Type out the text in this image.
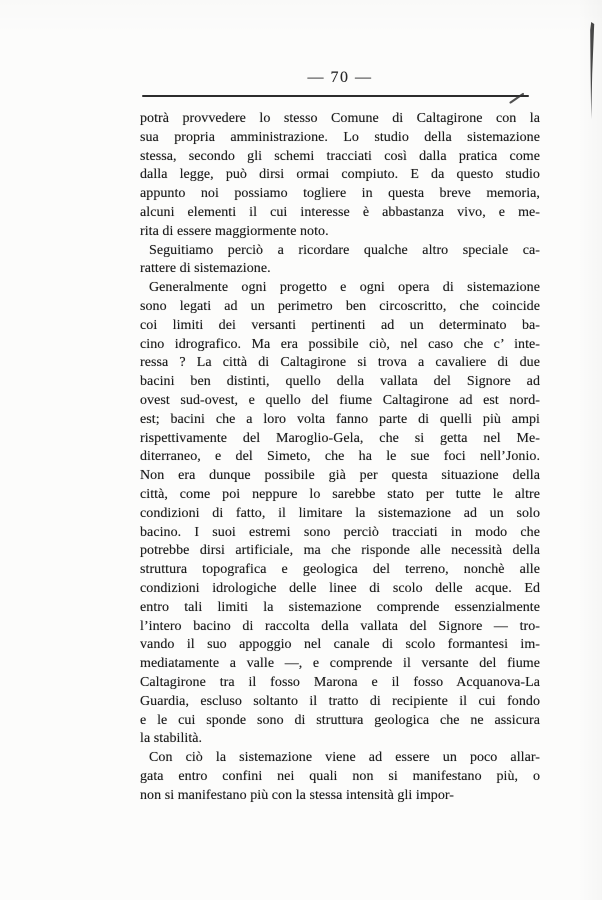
— 70 —
potrà provvedere lo stesso Comune di Caltagirone con la
sua propria amministrazione. Lo studio della sistemazione
stessa, secondo gli schemi tracciati così dalla pratica come
dalla legge, può dirsi ormai compiuto. E da questo studio
appunto noi possiamo togliere in questa breve memoria,
alcuni elementi il cui interesse è abbastanza vivo, e me-
rita di essere maggiormente noto.
Seguitiamo perciò a ricordare qualche altro speciale ca-
rattere di sistemazione.
Generalmente ogni progetto e ogni opera di sistemazione
sono legati ad un perimetro ben circoscritto, che coincide
coi limiti dei versanti pertinenti ad un determinato ba-
cino idrografico. Ma era possibile ciò, nel caso che c’ inte-
ressa ? La città di Caltagirone si trova a cavaliere di due
bacini ben distinti, quello della vallata del Signore ad
ovest sud-ovest, e quello del fiume Caltagirone ad est nord-
est; bacini che a loro volta fanno parte di quelli più ampi
rispettivamente del Maroglio-Gela, che si getta nel Me-
diterraneo, e del Simeto, che ha le sue foci nell’Jonio.
Non era dunque possibile già per questa situazione della
città, come poi neppure lo sarebbe stato per tutte le altre
condizioni di fatto, il limitare la sistemazione ad un solo
bacino. I suoi estremi sono perciò tracciati in modo che
potrebbe dirsi artificiale, ma che risponde alle necessità della
struttura topografica e geologica del terreno, nonchè alle
condizioni idrologiche delle linee di scolo delle acque. Ed
entro tali limiti la sistemazione comprende essenzialmente
l’intero bacino di raccolta della vallata del Signore — tro-
vando il suo appoggio nel canale di scolo formantesi im-
mediatamente a valle —, e comprende il versante del fiume
Caltagirone tra il fosso Marona e il fosso Acquanova-La
Guardia, escluso soltanto il tratto di recipiente il cui fondo
e le cui sponde sono di struttura geologica che ne assicura
la stabilità.
Con ciò la sistemazione viene ad essere un poco allar-
gata entro confini nei quali non si manifestano più, o
non si manifestano più con la stessa intensità gli impor-
